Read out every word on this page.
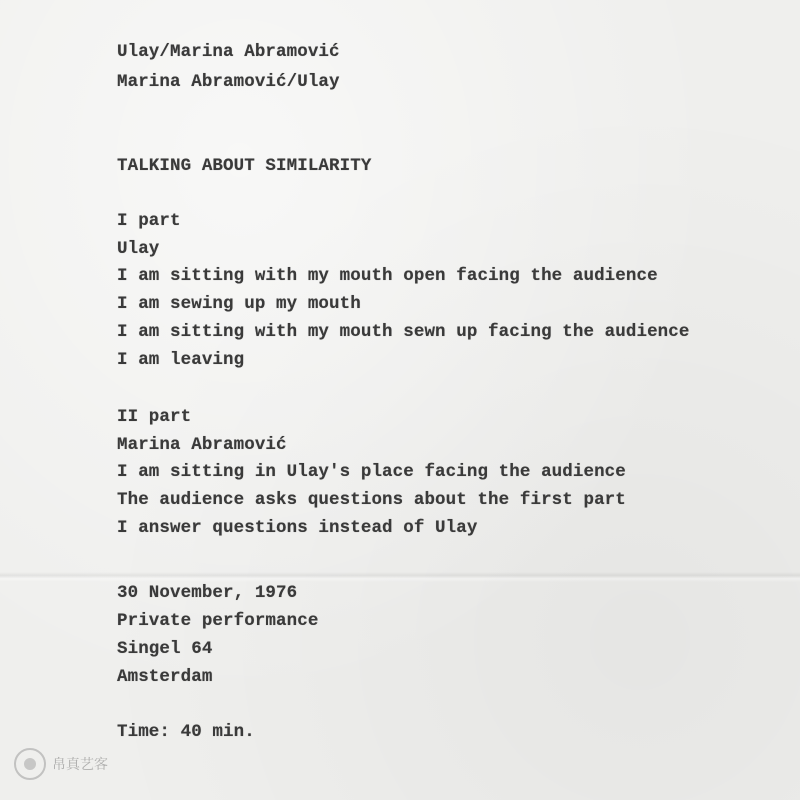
Ulay/Marina Abramović
Marina Abramović/Ulay
TALKING ABOUT SIMILARITY
I part
Ulay
I am sitting with my mouth open facing the audience
I am sewing up my mouth
I am sitting with my mouth sewn up facing the audience
I am leaving
II part
Marina Abramović
I am sitting in Ulay's place facing the audience
The audience asks questions about the first part
I answer questions instead of Ulay
30 November, 1976
Private performance
Singel 64
Amsterdam
Time: 40 min.
帛真艺客
